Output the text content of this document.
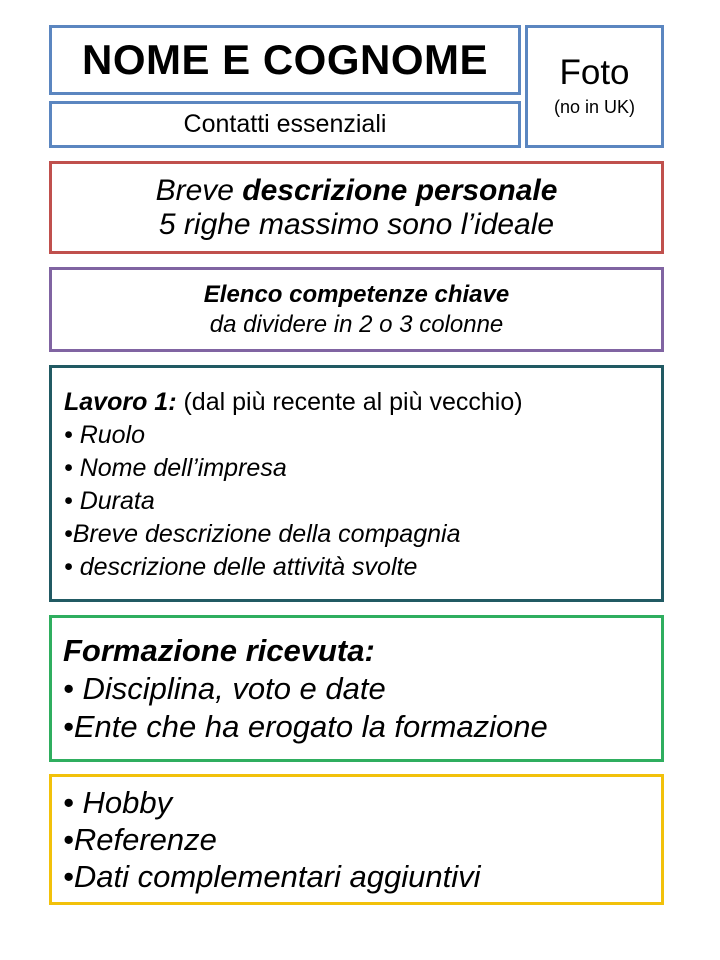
NOME E COGNOME
Contatti essenziali
Foto
(no in UK)
Breve descrizione personale
5 righe massimo sono l’ideale
Elenco competenze chiave
da dividere in 2 o 3 colonne
Lavoro 1: (dal più recente al più vecchio)
• Ruolo
• Nome dell’impresa
• Durata
•Breve descrizione della compagnia
• descrizione delle attività svolte
Formazione ricevuta:
• Disciplina, voto e date
•Ente che ha erogato la formazione
• Hobby
•Referenze
•Dati complementari aggiuntivi
